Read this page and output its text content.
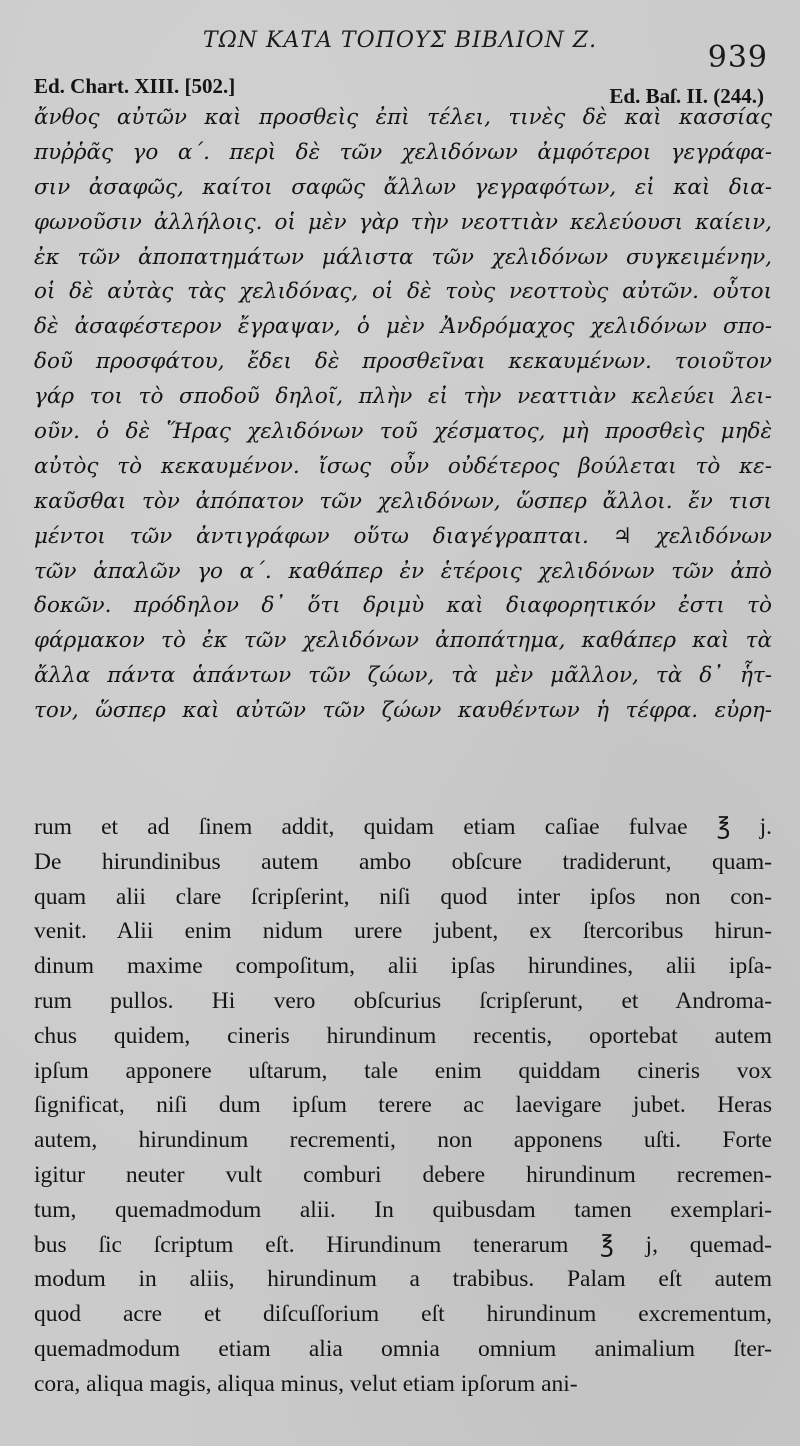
ΤΩΝ ΚΑΤΑ ΤΟΠΟΥΣ ΒΙΒΛΙΟΝ Ζ.	939
Ed. Chart. XIII. [502.]	Ed. Baſ. II. (244.)
ἄνθος αὐτῶν καὶ προσθεὶς ἐπὶ τέλει, τινὲς δὲ καὶ κασσίας
πυῤῥᾶς γο α΄. περὶ δὲ τῶν χελιδόνων ἀμφότεροι γεγράφα-
σιν ἀσαφῶς, καίτοι σαφῶς ἄλλων γεγραφότων, εἰ καὶ δια-
φωνοῦσιν ἀλλήλοις. οἱ μὲν γὰρ τὴν νεοττιὰν κελεύουσι καίειν,
ἐκ τῶν ἀποπατημάτων μάλιστα τῶν χελιδόνων συγκειμένην,
οἱ δὲ αὐτὰς τὰς χελιδόνας, οἱ δὲ τοὺς νεοττοὺς αὐτῶν. οὗτοι
δὲ ἀσαφέστερον ἔγραψαν, ὁ μὲν Ἀνδρόμαχος χελιδόνων σπο-
δοῦ προσφάτου, ἔδει δὲ προσθεῖναι κεκαυμένων. τοιοῦτον
γάρ τοι τὸ σποδοῦ δηλοῖ, πλὴν εἰ τὴν νεαττιὰν κελεύει λει-
οῦν. ὁ δὲ Ἥρας χελιδόνων τοῦ χέσματος, μὴ προσθεὶς μηδὲ
αὐτὸς τὸ κεκαυμένον. ἴσως οὖν οὐδέτερος βούλεται τὸ κε-
καῦσθαι τὸν ἀπόπατον τῶν χελιδόνων, ὥσπερ ἄλλοι. ἔν τισι
μέντοι τῶν ἀντιγράφων οὕτω διαγέγραπται. ♃ χελιδόνων
τῶν ἁπαλῶν γο α΄. καθάπερ ἐν ἑτέροις χελιδόνων τῶν ἀπὸ
δοκῶν. πρόδηλον δ᾽ ὅτι δριμὺ καὶ διαφορητικόν ἐστι τὸ
φάρμακον τὸ ἐκ τῶν χελιδόνων ἀποπάτημα, καθάπερ καὶ τὰ
ἄλλα πάντα ἁπάντων τῶν ζώων, τὰ μὲν μᾶλλον, τὰ δ᾽ ἧτ-
τον, ὥσπερ καὶ αὐτῶν τῶν ζώων καυθέντων ἡ τέφρα. εὐρη-
rum et ad ſinem addit, quidam etiam caſiae fulvae ℥ j.
De hirundinibus autem ambo obſcure tradiderunt, quam-
quam alii clare ſcripſerint, niſi quod inter ipſos non con-
venit. Alii enim nidum urere jubent, ex ſtercoribus hirun-
dinum maxime compoſitum, alii ipſas hirundines, alii ipſa-
rum pullos. Hi vero obſcurius ſcripſerunt, et Androma-
chus quidem, cineris hirundinum recentis, oportebat autem
ipſum apponere uſtarum, tale enim quiddam cineris vox
ſignificat, niſi dum ipſum terere ac laevigare jubet. Heras
autem, hirundinum recrementi, non apponens uſti. Forte
igitur neuter vult comburi debere hirundinum recremen-
tum, quemadmodum alii. In quibusdam tamen exemplari-
bus ſic ſcriptum eſt. Hirundinum tenerarum ℥ j, quemad-
modum in aliis, hirundinum a trabibus. Palam eſt autem
quod acre et diſcuſſorium eſt hirundinum excrementum,
quemadmodum etiam alia omnia omnium animalium ſter-
cora, aliqua magis, aliqua minus, velut etiam ipſorum ani-
